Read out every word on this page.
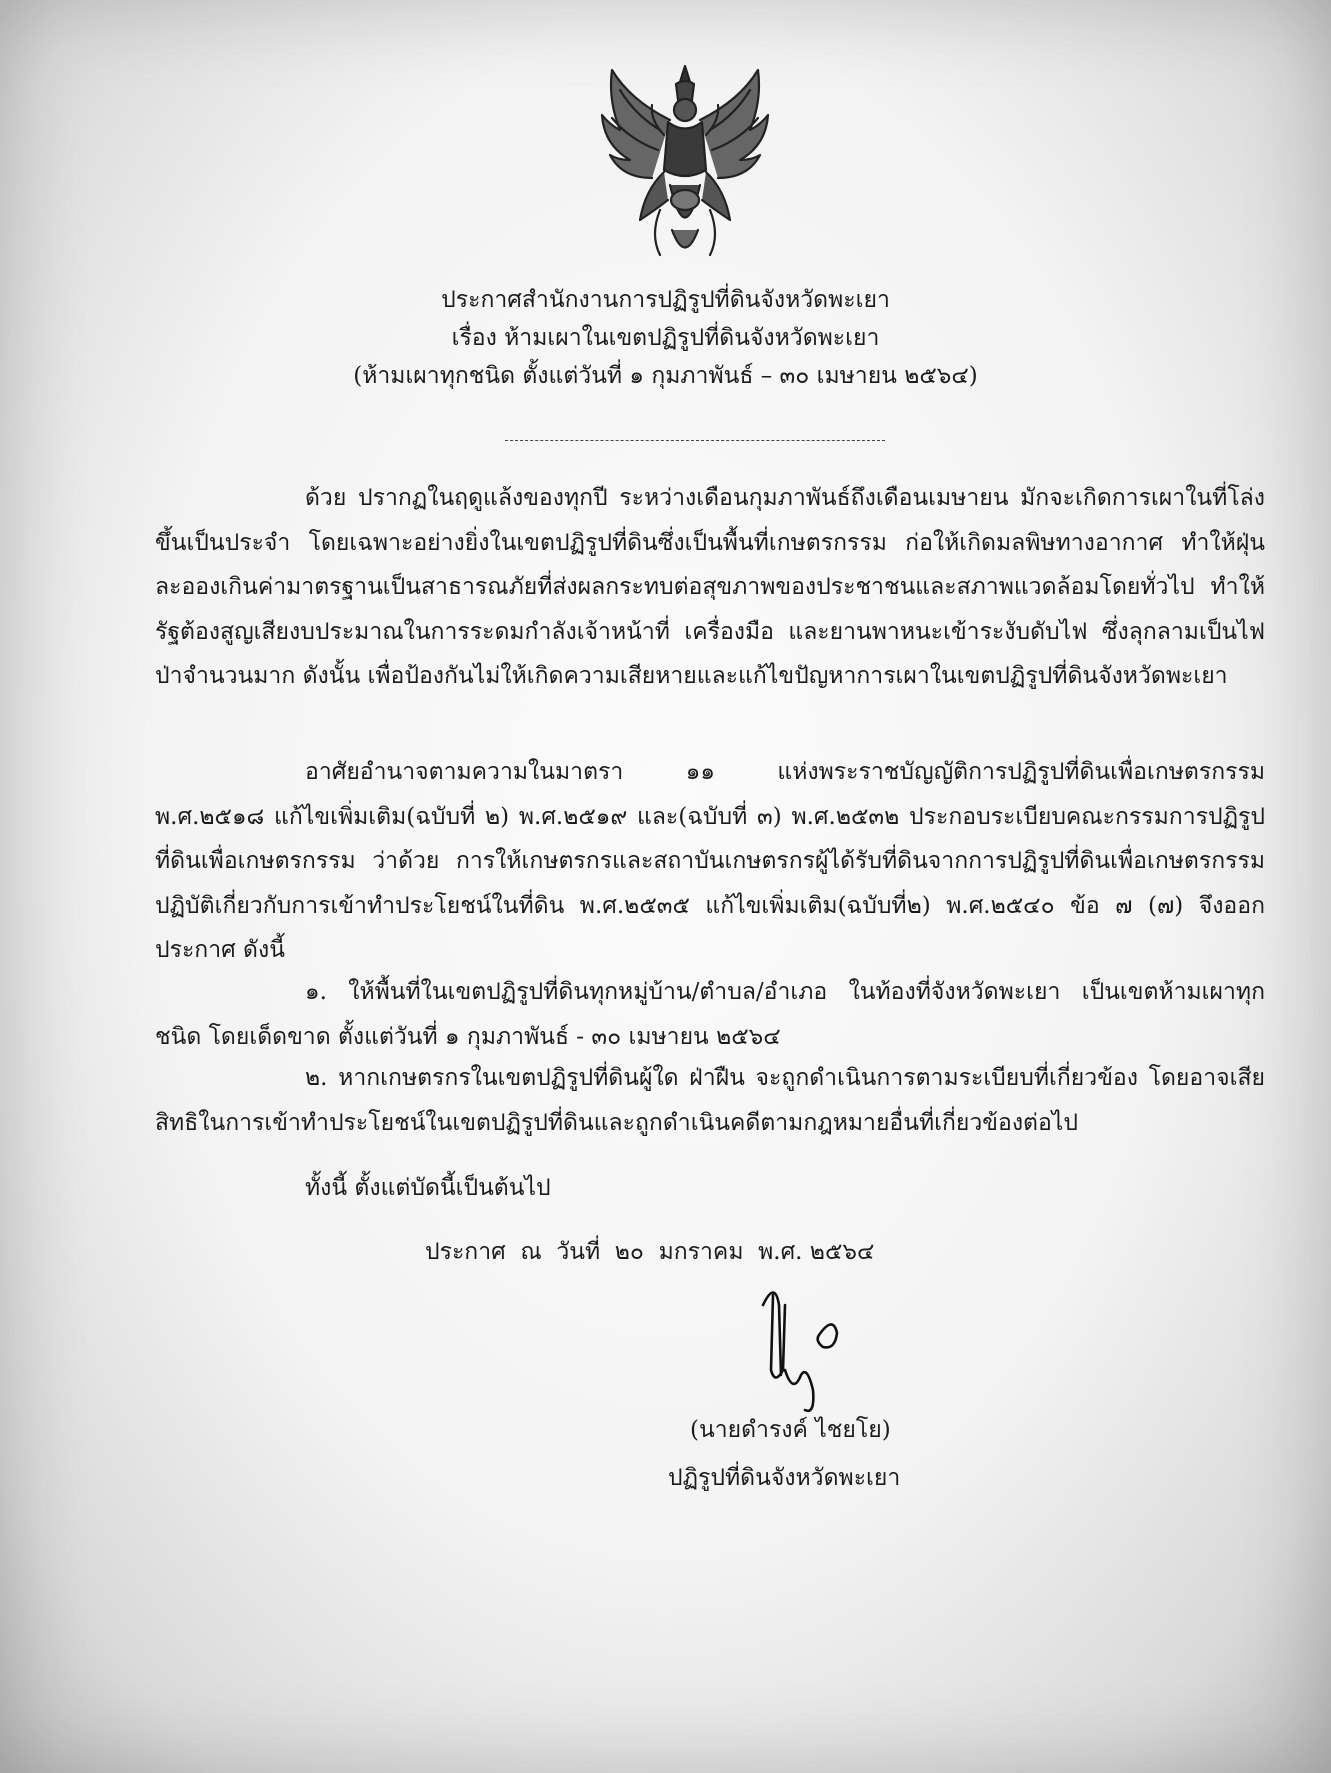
ประกาศสำนักงานการปฏิรูปที่ดินจังหวัดพะเยา
เรื่อง ห้ามเผาในเขตปฏิรูปที่ดินจังหวัดพะเยา
(ห้ามเผาทุกชนิด ตั้งแต่วันที่ ๑ กุมภาพันธ์ – ๓๐ เมษายน ๒๕๖๔)

ด้วย ปรากฏในฤดูแล้งของทุกปี ระหว่างเดือนกุมภาพันธ์ถึงเดือนเมษายน มักจะเกิดการเผาในที่โล่งขึ้นเป็นประจำ โดยเฉพาะอย่างยิ่งในเขตปฏิรูปที่ดินซึ่งเป็นพื้นที่เกษตรกรรม ก่อให้เกิดมลพิษทางอากาศ ทำให้ฝุ่นละอองเกินค่ามาตรฐานเป็นสาธารณภัยที่ส่งผลกระทบต่อสุขภาพของประชาชนและสภาพแวดล้อมโดยทั่วไป ทำให้รัฐต้องสูญเสียงบประมาณในการระดมกำลังเจ้าหน้าที่ เครื่องมือ และยานพาหนะเข้าระงับดับไฟ ซึ่งลุกลามเป็นไฟป่าจำนวนมาก ดังนั้น เพื่อป้องกันไม่ให้เกิดความเสียหายและแก้ไขปัญหาการเผาในเขตปฏิรูปที่ดินจังหวัดพะเยา

อาศัยอำนาจตามความในมาตรา ๑๑ แห่งพระราชบัญญัติการปฏิรูปที่ดินเพื่อเกษตรกรรม พ.ศ.๒๕๑๘ แก้ไขเพิ่มเติม(ฉบับที่ ๒) พ.ศ.๒๕๑๙ และ(ฉบับที่ ๓) พ.ศ.๒๕๓๒ ประกอบระเบียบคณะกรรมการปฏิรูปที่ดินเพื่อเกษตรกรรม ว่าด้วย การให้เกษตรกรและสถาบันเกษตรกรผู้ได้รับที่ดินจากการปฏิรูปที่ดินเพื่อเกษตรกรรม ปฏิบัติเกี่ยวกับการเข้าทำประโยชน์ในที่ดิน พ.ศ.๒๕๓๕ แก้ไขเพิ่มเติม(ฉบับที่๒) พ.ศ.๒๕๔๐ ข้อ ๗ (๗) จึงออกประกาศ ดังนี้

๑. ให้พื้นที่ในเขตปฏิรูปที่ดินทุกหมู่บ้าน/ตำบล/อำเภอ ในท้องที่จังหวัดพะเยา เป็นเขตห้ามเผาทุกชนิด โดยเด็ดขาด ตั้งแต่วันที่ ๑ กุมภาพันธ์ - ๓๐ เมษายน ๒๕๖๔

๒. หากเกษตรกรในเขตปฏิรูปที่ดินผู้ใด ฝ่าฝืน จะถูกดำเนินการตามระเบียบที่เกี่ยวข้อง โดยอาจเสียสิทธิในการเข้าทำประโยชน์ในเขตปฏิรูปที่ดินและถูกดำเนินคดีตามกฎหมายอื่นที่เกี่ยวข้องต่อไป

ทั้งนี้ ตั้งแต่บัดนี้เป็นต้นไป
ประกาศ  ณ  วันที่  ๒๐  มกราคม  พ.ศ. ๒๕๖๔
(นายดำรงค์ ไชยโย)
ปฏิรูปที่ดินจังหวัดพะเยา
